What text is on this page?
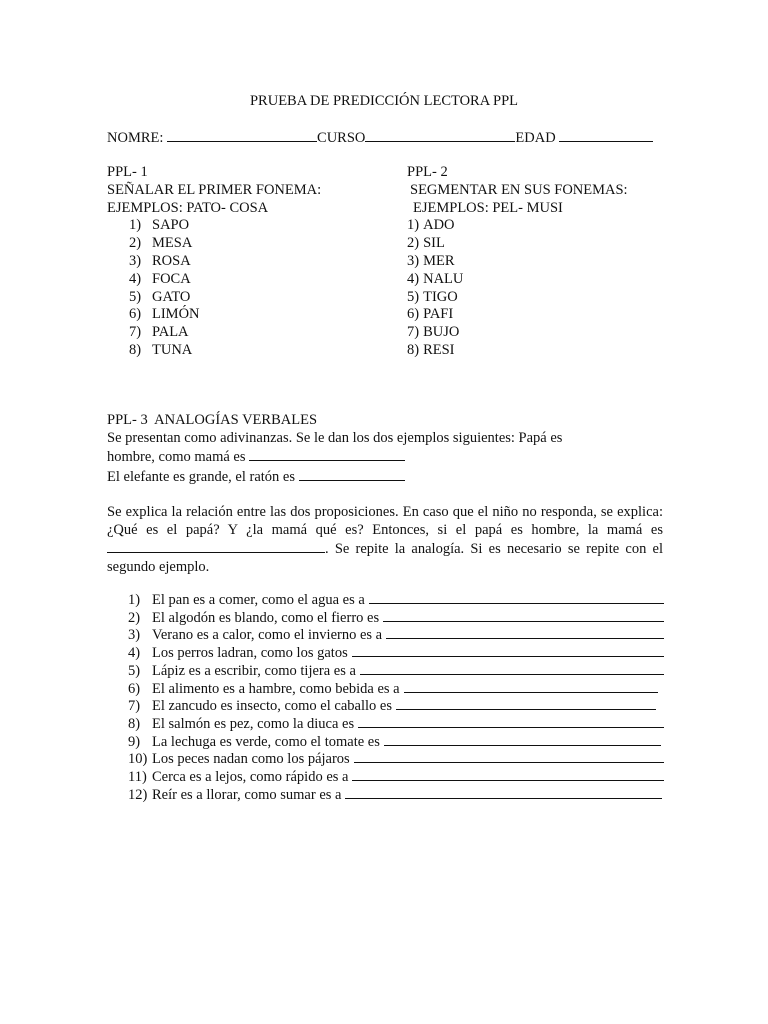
PRUEBA DE PREDICCIÓN LECTORA PPL
NOMRE:	CURSO	EDAD
PPL- 1
SEÑALAR EL PRIMER FONEMA:
EJEMPLOS: PATO- COSA
1) SAPO
2) MESA
3) ROSA
4) FOCA
5) GATO
6) LIMÓN
7) PALA
8) TUNA
PPL- 2
SEGMENTAR EN SUS FONEMAS:
EJEMPLOS: PEL- MUSI
1) ADO
2) SIL
3) MER
4) NALU
5) TIGO
6) PAFI
7) BUJO
8) RESI
PPL- 3  ANALOGÍAS VERBALES
Se presentan como adivinanzas. Se le dan los dos ejemplos siguientes: Papá es
hombre, como mamá es
El elefante es grande, el ratón es
Se explica la relación entre las dos proposiciones. En caso que el niño no responda, se explica: ¿Qué es el papá? Y ¿la mamá qué es? Entonces, si el papá es hombre, la mamá es . Se repite la analogía. Si es necesario se repite con el segundo ejemplo.
1) El pan es a comer, como el agua es a
2) El algodón es blando, como el fierro es
3) Verano es a calor, como el invierno es a
4) Los perros ladran, como los gatos
5) Lápiz es a escribir, como tijera es a
6) El alimento es a hambre, como bebida es a
7) El zancudo es insecto, como el caballo es
8) El salmón es pez, como la diuca es
9) La lechuga es verde, como el tomate es
10) Los peces nadan como los pájaros
11) Cerca es a lejos, como rápido es a
12) Reír es a llorar, como sumar es a
